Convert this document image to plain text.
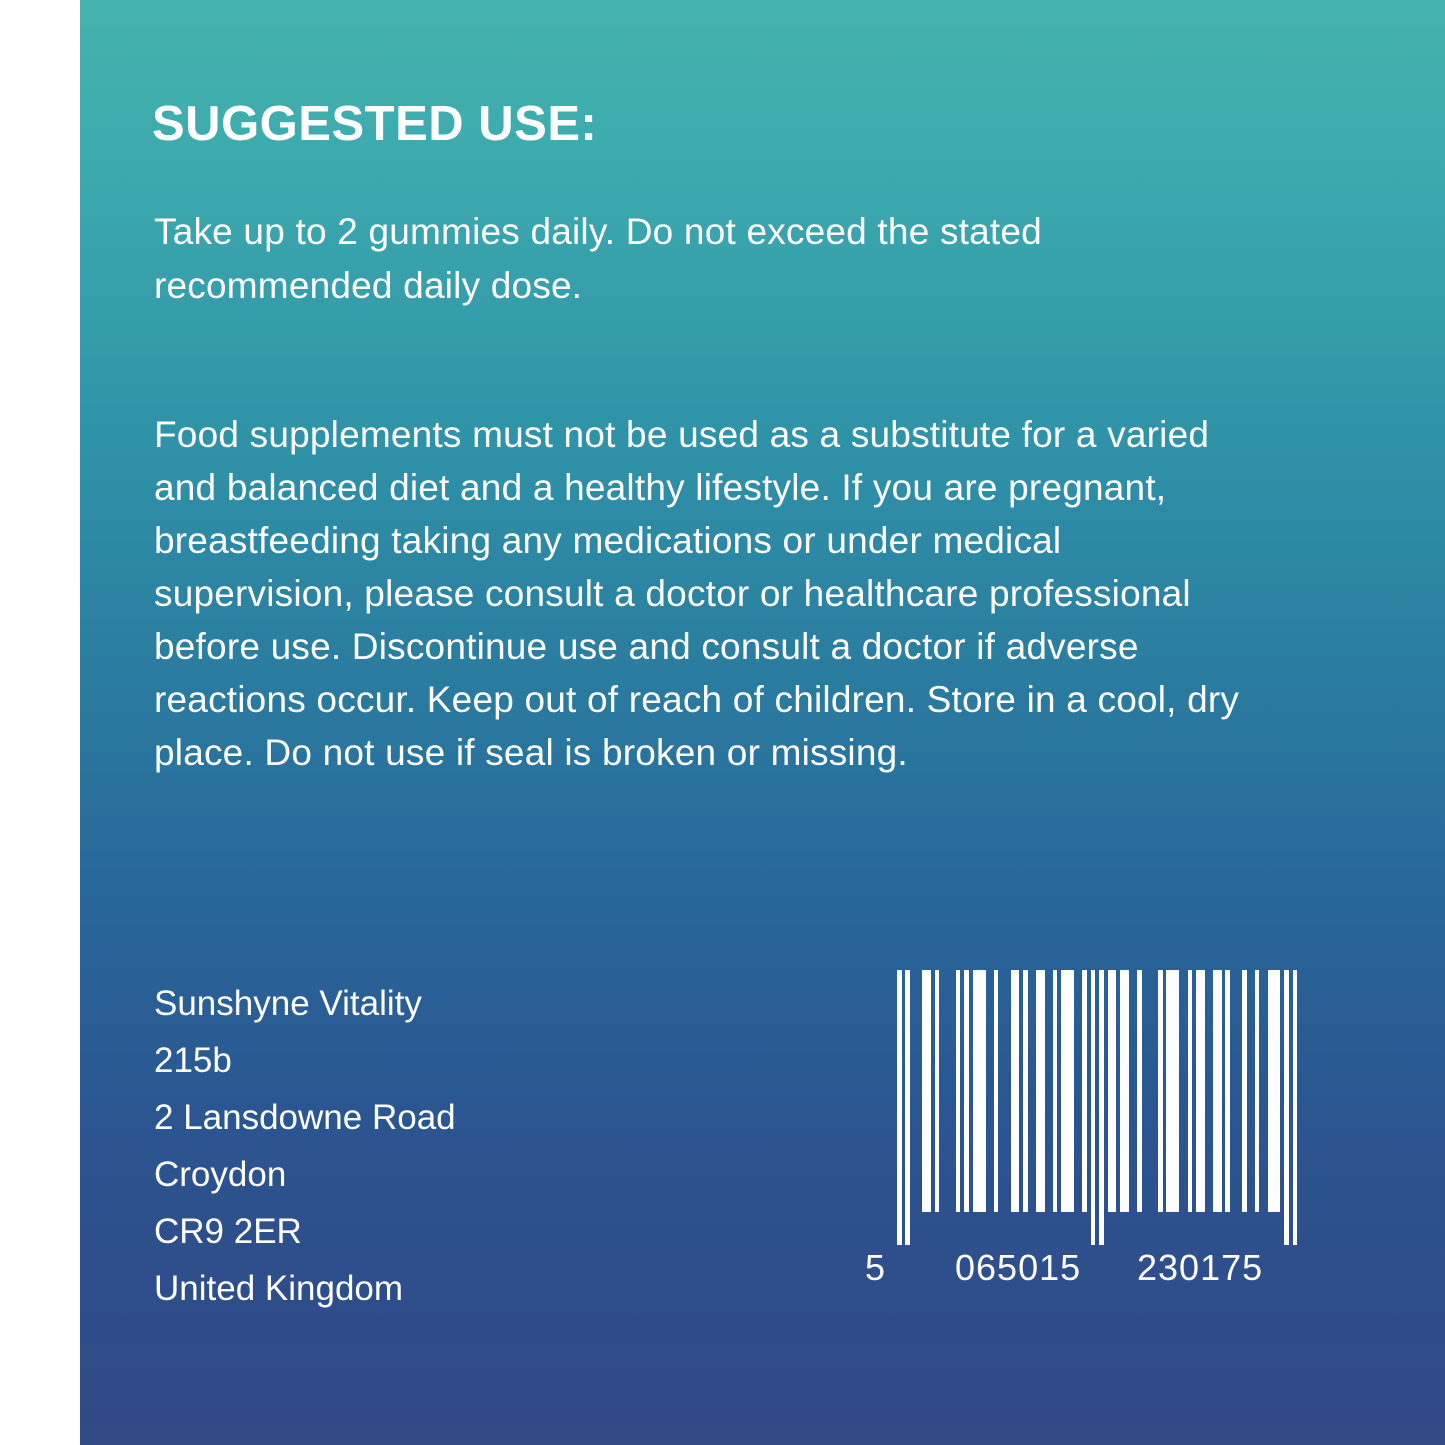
SUGGESTED USE:
Take up to 2 gummies daily. Do not exceed the stated recommended daily dose.
Food supplements must not be used as a substitute for a varied and balanced diet and a healthy lifestyle. If you are pregnant, breastfeeding taking any medications or under medical supervision, please consult a doctor or healthcare professional before use. Discontinue use and consult a doctor if adverse reactions occur. Keep out of reach of children. Store in a cool, dry place. Do not use if seal is broken or missing.
Sunshyne Vitality
215b
2 Lansdowne Road
Croydon
CR9 2ER
United Kingdom
5 065015 230175
